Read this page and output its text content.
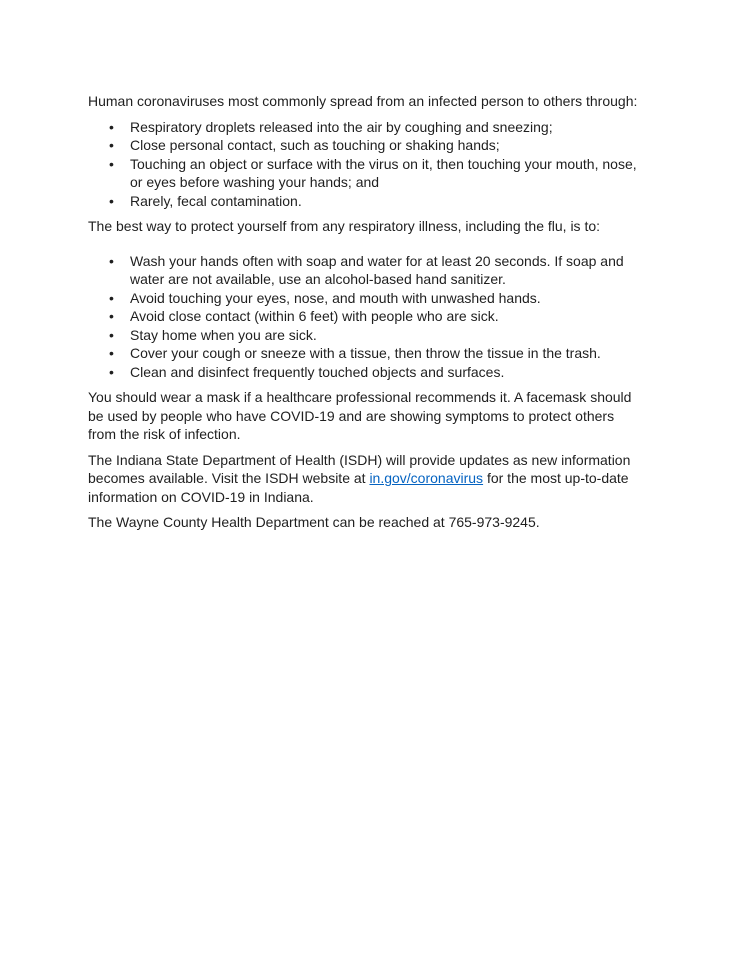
Human coronaviruses most commonly spread from an infected person to others through:

• Respiratory droplets released into the air by coughing and sneezing;
• Close personal contact, such as touching or shaking hands;
• Touching an object or surface with the virus on it, then touching your mouth, nose, or eyes before washing your hands; and
• Rarely, fecal contamination.

The best way to protect yourself from any respiratory illness, including the flu, is to:

• Wash your hands often with soap and water for at least 20 seconds. If soap and water are not available, use an alcohol-based hand sanitizer.
• Avoid touching your eyes, nose, and mouth with unwashed hands.
• Avoid close contact (within 6 feet) with people who are sick.
• Stay home when you are sick.
• Cover your cough or sneeze with a tissue, then throw the tissue in the trash.
• Clean and disinfect frequently touched objects and surfaces.

You should wear a mask if a healthcare professional recommends it. A facemask should be used by people who have COVID-19 and are showing symptoms to protect others from the risk of infection.

The Indiana State Department of Health (ISDH) will provide updates as new information becomes available. Visit the ISDH website at in.gov/coronavirus for the most up-to-date information on COVID-19 in Indiana.

The Wayne County Health Department can be reached at 765-973-9245.
